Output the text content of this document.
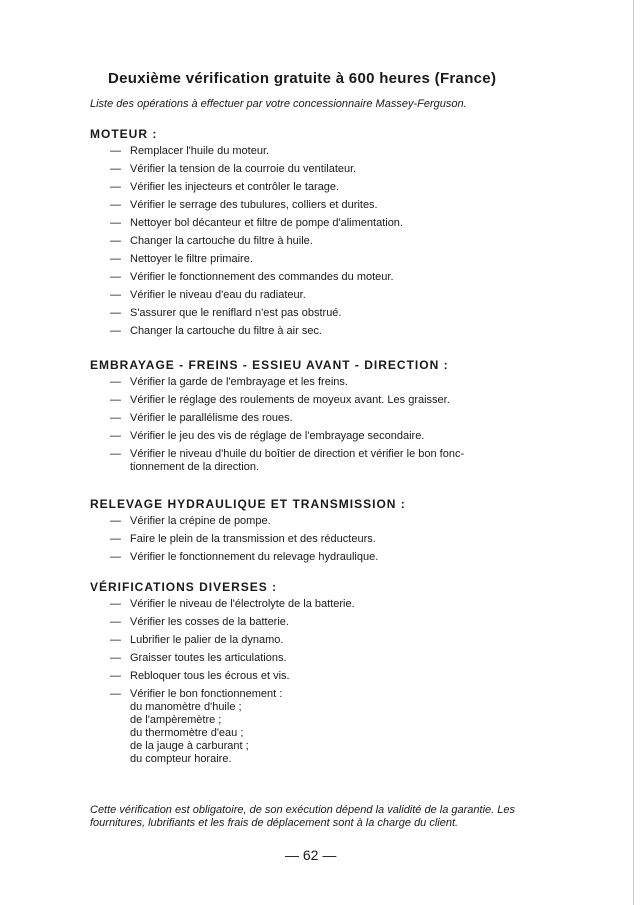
Deuxième vérification gratuite à 600 heures (France)
Liste des opérations à effectuer par votre concessionnaire Massey-Ferguson.
MOTEUR :
— Remplacer l'huile du moteur.
— Vérifier la tension de la courroie du ventilateur.
— Vérifier les injecteurs et contrôler le tarage.
— Vérifier le serrage des tubulures, colliers et durites.
— Nettoyer bol décanteur et filtre de pompe d'alimentation.
— Changer la cartouche du filtre à huile.
— Nettoyer le filtre primaire.
— Vérifier le fonctionnement des commandes du moteur.
— Vérifier le niveau d'eau du radiateur.
— S'assurer que le reniflard n'est pas obstrué.
— Changer la cartouche du filtre à air sec.
EMBRAYAGE - FREINS - ESSIEU AVANT - DIRECTION :
— Vérifier la garde de l'embrayage et les freins.
— Vérifier le réglage des roulements de moyeux avant. Les graisser.
— Vérifier le parallélisme des roues.
— Vérifier le jeu des vis de réglage de l'embrayage secondaire.
— Vérifier le niveau d'huile du boîtier de direction et vérifier le bon fonc-
tionnement de la direction.
RELEVAGE HYDRAULIQUE ET TRANSMISSION :
— Vérifier la crépine de pompe.
— Faire le plein de la transmission et des réducteurs.
— Vérifier le fonctionnement du relevage hydraulique.
VÉRIFICATIONS DIVERSES :
— Vérifier le niveau de l'électrolyte de la batterie.
— Vérifier les cosses de la batterie.
— Lubrifier le palier de la dynamo.
— Graisser toutes les articulations.
— Rebloquer tous les écrous et vis.
— Vérifier le bon fonctionnement :
du manomètre d'huile ;
de l'ampèremètre ;
du thermomètre d'eau ;
de la jauge à carburant ;
du compteur horaire.
Cette vérification est obligatoire, de son exécution dépend la validité de la garantie. Les fournitures, lubrifiants et les frais de déplacement sont à la charge du client.
— 62 —
